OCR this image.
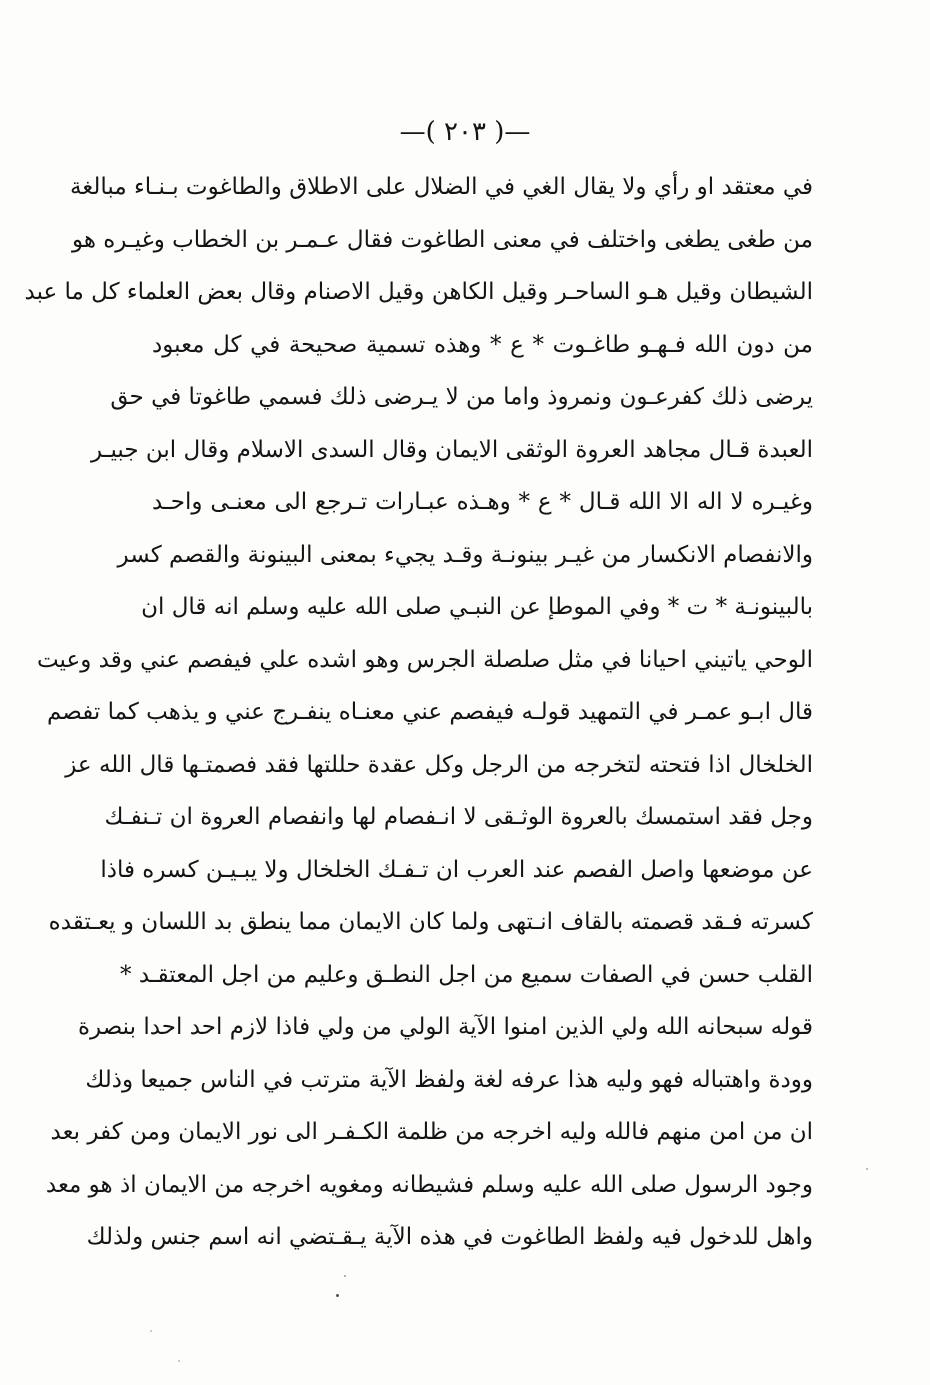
—( ٢٠٣ )—
في معتقد او رأي ولا يقال الغي في الضلال على الاطلاق والطاغوت بـنـاء مبالغة
من طغى يطغى واختلف في معنى الطاغوت فقال عـمـر بن الخطاب وغيـره هو
الشيطان وقيل هـو الساحـر وقيل الكاهن وقيل الاصنام وقال بعض العلماء كل ما عبد
من دون الله فـهـو طاغـوت * ع * وهذه تسمية صحيحة في كل معبود
يرضى ذلك كفرعـون ونمروذ واما من لا يـرضى ذلك فسمي طاغوتا في حق
العبدة قـال مجاهد العروة الوثقى الايمان وقال السدى الاسلام وقال ابن جبيـر
وغيـره لا اله الا الله قـال * ع * وهـذه عبـارات تـرجع الى معنـى واحـد
والانفصام الانكسار من غيـر بينونـة وقـد يجيء بمعنى البينونة والقصم كسر
بالبينونـة * ت * وفي الموطإ عن النبـي صلى الله عليه وسلم انه قال ان
الوحي ياتيني احيانا في مثل صلصلة الجرس وهو اشده علي فيفصم عني وقد وعيت
قال ابـو عمـر في التمهيد قولـه فيفصم عني معنـاه ينفـرج عني و يذهب كما تفصم
الخلخال اذا فتحته لتخرجه من الرجل وكل عقدة حللتها فقد فصمتـها قال الله عز
وجل فقد استمسك بالعروة الوثـقى لا انـفصام لها وانفصام العروة ان تـنفـك
عن موضعها واصل الفصم عند العرب ان تـفـك الخلخال ولا يبـيـن كسره فاذا
كسرته فـقد قصمته بالقاف انـتهى ولما كان الايمان مما ينطق بد اللسان و يعـتقده
القلب حسن في الصفات سميع من اجل النطـق وعليم من اجل المعتقـد *
قوله سبحانه الله ولي الذين امنوا الآية الولي من ولي فاذا لازم احد احدا بنصرة
وودة واهتباله فهو وليه هذا عرفه لغة ولفظ الآية مترتب في الناس جميعا وذلك
ان من امن منهم فالله وليه اخرجه من ظلمة الكـفـر الى نور الايمان ومن كفر بعد
وجود الرسول صلى الله عليه وسلم فشيطانه ومغويه اخرجه من الايمان اذ هو معد
واهل للدخول فيه ولفظ الطاغوت في هذه الآية يـقـتضي انه اسم جنس ولذلك
